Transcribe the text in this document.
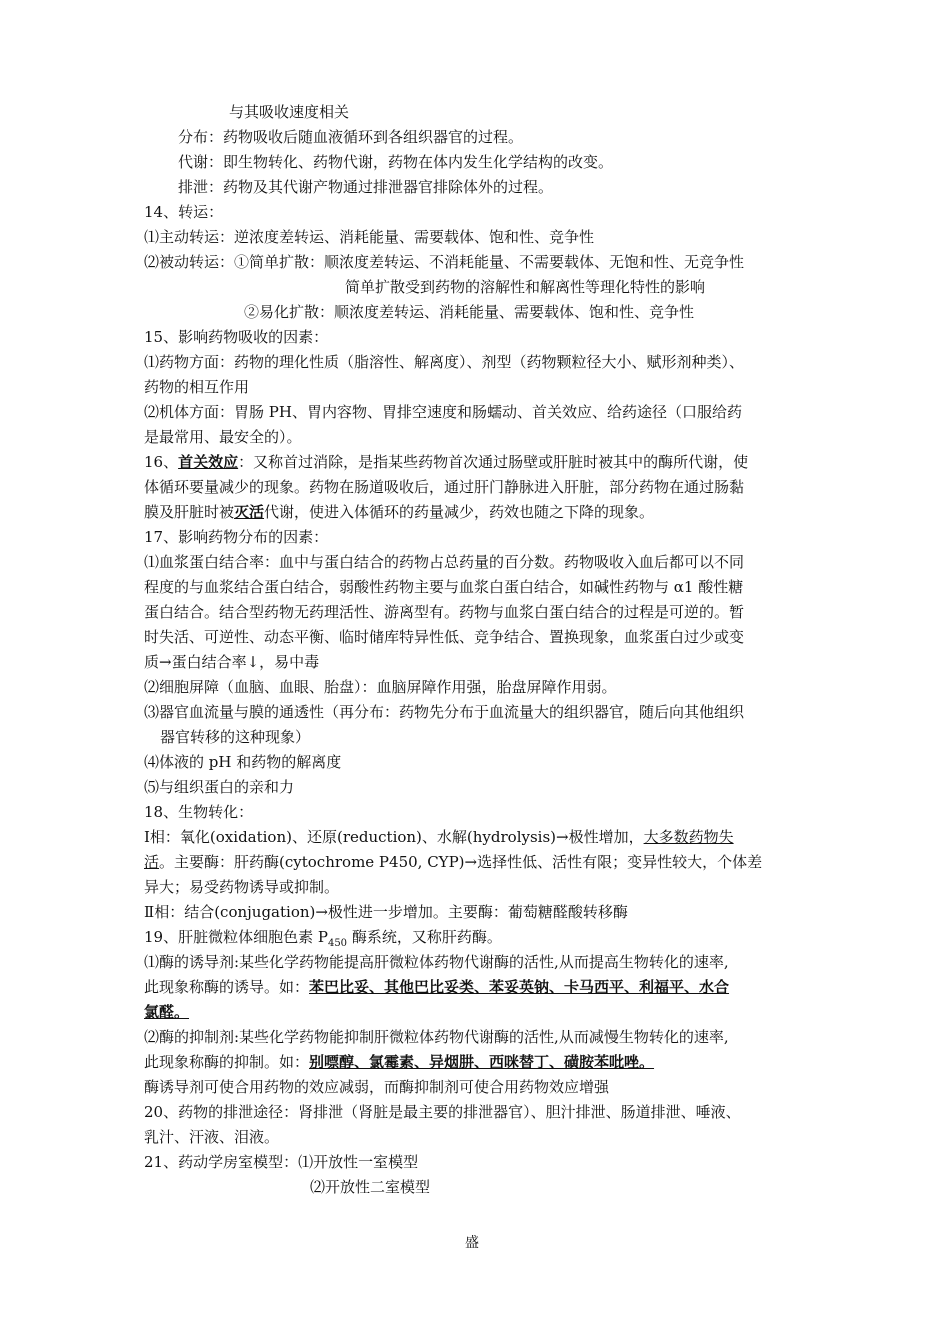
与其吸收速度相关
分布：药物吸收后随血液循环到各组织器官的过程。
代谢：即生物转化、药物代谢，药物在体内发生化学结构的改变。
排泄：药物及其代谢产物通过排泄器官排除体外的过程。
14、转运：
⑴主动转运：逆浓度差转运、消耗能量、需要载体、饱和性、竞争性
⑵被动转运：①简单扩散：顺浓度差转运、不消耗能量、不需要载体、无饱和性、无竞争性
简单扩散受到药物的溶解性和解离性等理化特性的影响
②易化扩散：顺浓度差转运、消耗能量、需要载体、饱和性、竞争性
15、影响药物吸收的因素：
⑴药物方面：药物的理化性质（脂溶性、解离度）、剂型（药物颗粒径大小、赋形剂种类）、
药物的相互作用
⑵机体方面：胃肠 PH、胃内容物、胃排空速度和肠蠕动、首关效应、给药途径（口服给药
是最常用、最安全的）。
16、首关效应：又称首过消除，是指某些药物首次通过肠壁或肝脏时被其中的酶所代谢，使
体循环要量减少的现象。药物在肠道吸收后，通过肝门静脉进入肝脏，部分药物在通过肠黏
膜及肝脏时被灭活代谢，使进入体循环的药量减少，药效也随之下降的现象。
17、影响药物分布的因素：
⑴血浆蛋白结合率：血中与蛋白结合的药物占总药量的百分数。药物吸收入血后都可以不同
程度的与血浆结合蛋白结合，弱酸性药物主要与血浆白蛋白结合，如碱性药物与 α1 酸性糖
蛋白结合。结合型药物无药理活性、游离型有。药物与血浆白蛋白结合的过程是可逆的。暂
时失活、可逆性、动态平衡、临时储库特异性低、竞争结合、置换现象，血浆蛋白过少或变
质→蛋白结合率↓，易中毒
⑵细胞屏障（血脑、血眼、胎盘）：血脑屏障作用强，胎盘屏障作用弱。
⑶器官血流量与膜的通透性（再分布：药物先分布于血流量大的组织器官，随后向其他组织
器官转移的这种现象）
⑷体液的 pH 和药物的解离度
⑸与组织蛋白的亲和力
18、生物转化：
Ⅰ相：氧化(oxidation)、还原(reduction)、水解(hydrolysis)→极性增加，大多数药物失
活。主要酶：肝药酶(cytochrome P450, CYP)→选择性低、活性有限；变异性较大，个体差
异大；易受药物诱导或抑制。
Ⅱ相：结合(conjugation)→极性进一步增加。主要酶：葡萄糖醛酸转移酶
19、肝脏微粒体细胞色素 $P_{450}$ 酶系统，又称肝药酶。
⑴酶的诱导剂:某些化学药物能提高肝微粒体药物代谢酶的活性,从而提高生物转化的速率,
此现象称酶的诱导。如：苯巴比妥、其他巴比妥类、苯妥英钠、卡马西平、利福平、水合
氯醛。
⑵酶的抑制剂:某些化学药物能抑制肝微粒体药物代谢酶的活性,从而减慢生物转化的速率,
此现象称酶的抑制。如：别嘌醇、氯霉素、异烟肼、西咪替丁、磺胺苯吡唑。
酶诱导剂可使合用药物的效应减弱，而酶抑制剂可使合用药物效应增强
20、药物的排泄途径：肾排泄（肾脏是最主要的排泄器官）、胆汁排泄、肠道排泄、唾液、
乳汁、汗液、泪液。
21、药动学房室模型：⑴开放性一室模型
⑵开放性二室模型
盛
